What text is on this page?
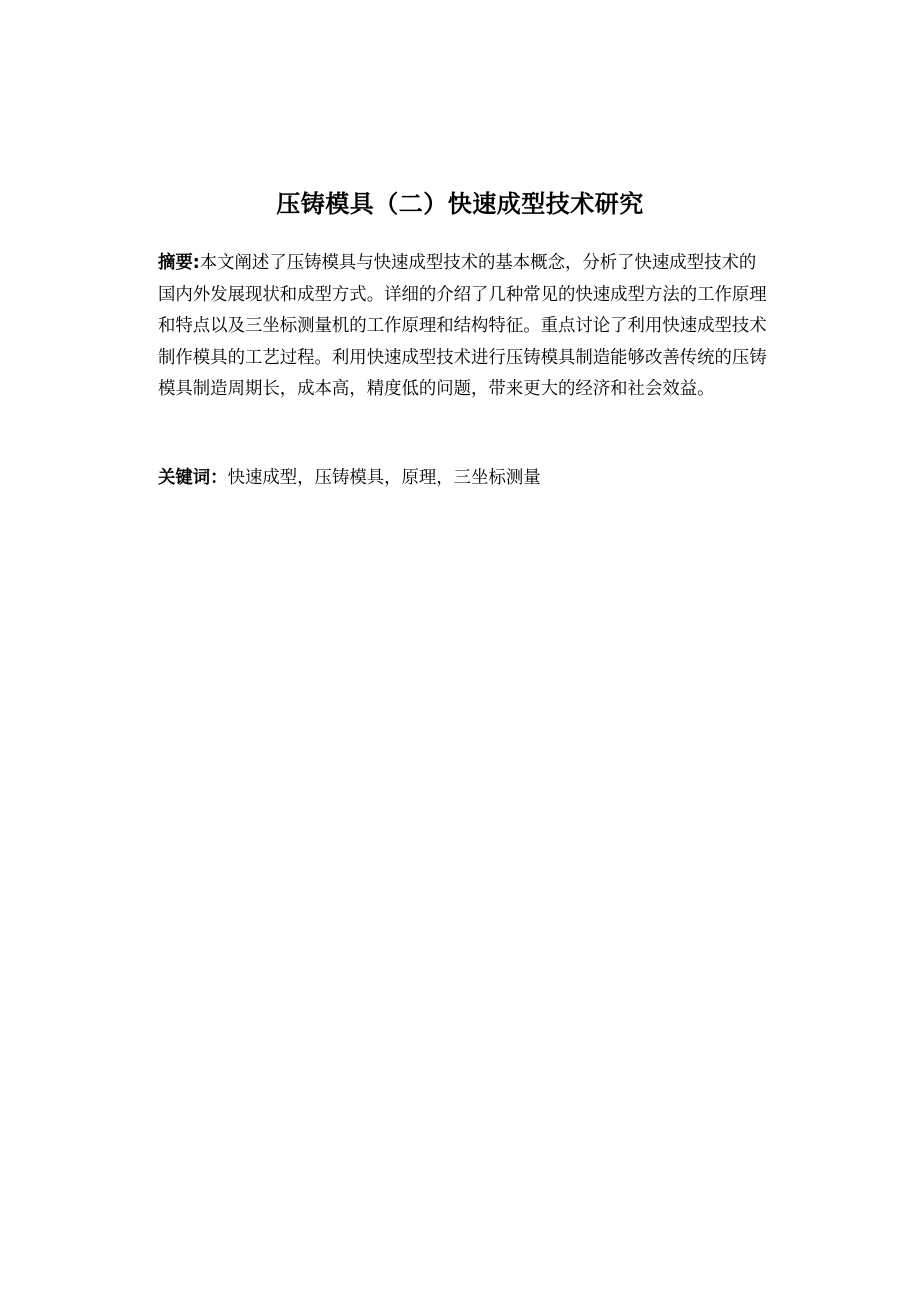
压铸模具（二）快速成型技术研究
摘要:本文阐述了压铸模具与快速成型技术的基本概念，分析了快速成型技术的
国内外发展现状和成型方式。详细的介绍了几种常见的快速成型方法的工作原理
和特点以及三坐标测量机的工作原理和结构特征。重点讨论了利用快速成型技术
制作模具的工艺过程。利用快速成型技术进行压铸模具制造能够改善传统的压铸
模具制造周期长，成本高，精度低的问题，带来更大的经济和社会效益。
关键词：快速成型，压铸模具，原理，三坐标测量
